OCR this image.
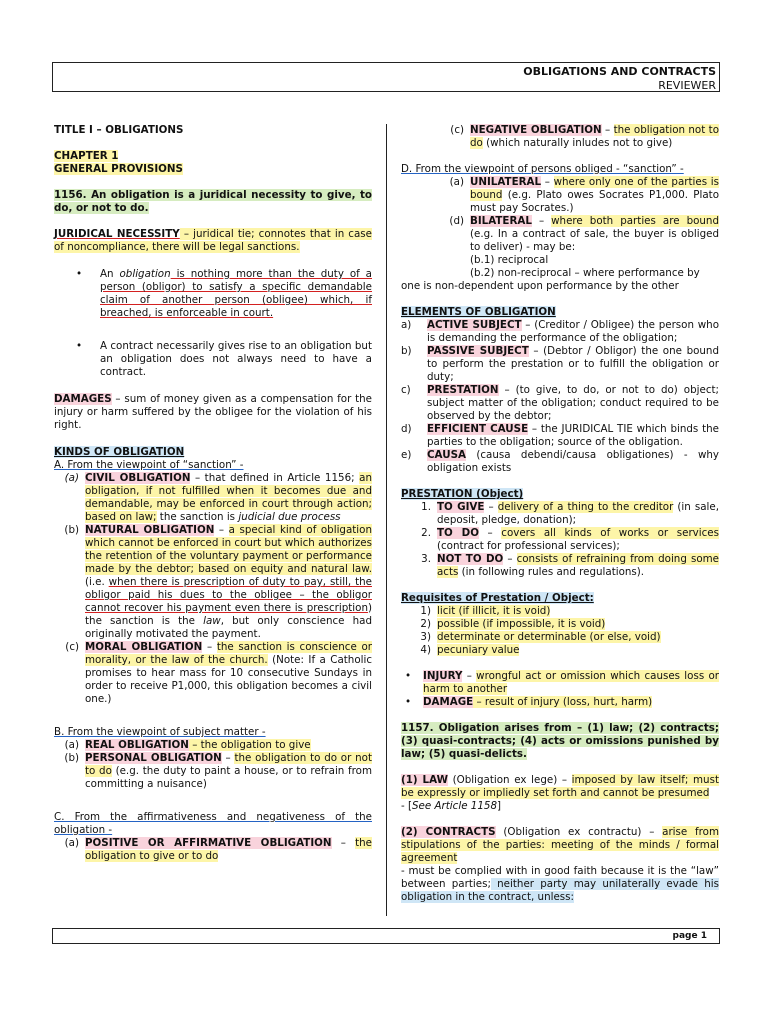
OBLIGATIONS AND CONTRACTS
REVIEWER

TITLE I – OBLIGATIONS

CHAPTER 1

GENERAL PROVISIONS

1156. An obligation is a juridical necessity to give, to do, or not to do.

JURIDICAL NECESSITY – juridical tie; connotes that in case of noncompliance, there will be legal sanctions.

• An obligation is nothing more than the duty of a person (obligor) to satisfy a specific demandable claim of another person (obligee) which, if breached, is enforceable in court.

• A contract necessarily gives rise to an obligation but an obligation does not always need to have a contract.

DAMAGES – sum of money given as a compensation for the injury or harm suffered by the obligee for the violation of his right.

KINDS OF OBLIGATION

A. From the viewpoint of “sanction” -

(a) CIVIL OBLIGATION – that defined in Article 1156; an obligation, if not fulfilled when it becomes due and demandable, may be enforced in court through action; based on law; the sanction is judicial due process
(b) NATURAL OBLIGATION – a special kind of obligation which cannot be enforced in court but which authorizes the retention of the voluntary payment or performance made by the debtor; based on equity and natural law. (i.e. when there is prescription of duty to pay, still, the obligor paid his dues to the obligee – the obligor cannot recover his payment even there is prescription) the sanction is the law, but only conscience had originally motivated the payment.
(c) MORAL OBLIGATION – the sanction is conscience or morality, or the law of the church. (Note: If a Catholic promises to hear mass for 10 consecutive Sundays in order to receive P1,000, this obligation becomes a civil one.)

B. From the viewpoint of subject matter -

(a) REAL OBLIGATION – the obligation to give
(b) PERSONAL OBLIGATION – the obligation to do or not to do (e.g. the duty to paint a house, or to refrain from committing a nuisance)

C. From the affirmativeness and negativeness of the obligation -

(a) POSITIVE OR AFFIRMATIVE OBLIGATION – the obligation to give or to do
(c) NEGATIVE OBLIGATION – the obligation not to do (which naturally inludes not to give)

D. From the viewpoint of persons obliged - “sanction” -

(a) UNILATERAL – where only one of the parties is bound (e.g. Plato owes Socrates P1,000. Plato must pay Socrates.)
(d) BILATERAL – where both parties are bound (e.g. In a contract of sale, the buyer is obliged to deliver) - may be:
(b.1) reciprocal
(b.2) non-reciprocal – where performance by

one is non-dependent upon performance by the other

ELEMENTS OF OBLIGATION

a)	ACTIVE SUBJECT – (Creditor / Obligee) the person who is demanding the performance of the obligation;
b)	PASSIVE SUBJECT – (Debtor / Obligor) the one bound to perform the prestation or to fulfill the obligation or duty;
c)	PRESTATION – (to give, to do, or not to do) object; subject matter of the obligation; conduct required to be observed by the debtor;
d)	EFFICIENT CAUSE – the JURIDICAL TIE which binds the parties to the obligation; source of the obligation.
e)	CAUSA (causa debendi/causa obligationes) - why obligation exists

PRESTATION (Object)

1. TO GIVE – delivery of a thing to the creditor (in sale, deposit, pledge, donation);
2. TO DO – covers all kinds of works or services (contract for professional services);
3. NOT TO DO – consists of refraining from doing some acts (in following rules and regulations).

Requisites of Prestation / Object:

1) licit (if illicit, it is void)
2) possible (if impossible, it is void)
3) determinate or determinable (or else, void)
4) pecuniary value

• INJURY – wrongful act or omission which causes loss or harm to another

• DAMAGE – result of injury (loss, hurt, harm)

1157. Obligation arises from – (1) law; (2) contracts; (3) quasi-contracts; (4) acts or omissions punished by law; (5) quasi-delicts.

(1) LAW (Obligation ex lege) – imposed by law itself; must be expressly or impliedly set forth and cannot be presumed
- [See Article 1158]

(2) CONTRACTS (Obligation ex contractu) – arise from stipulations of the parties: meeting of the minds / formal agreement
- must be complied with in good faith because it is the “law” between parties; neither party may unilaterally evade his obligation in the contract, unless:

page 1
